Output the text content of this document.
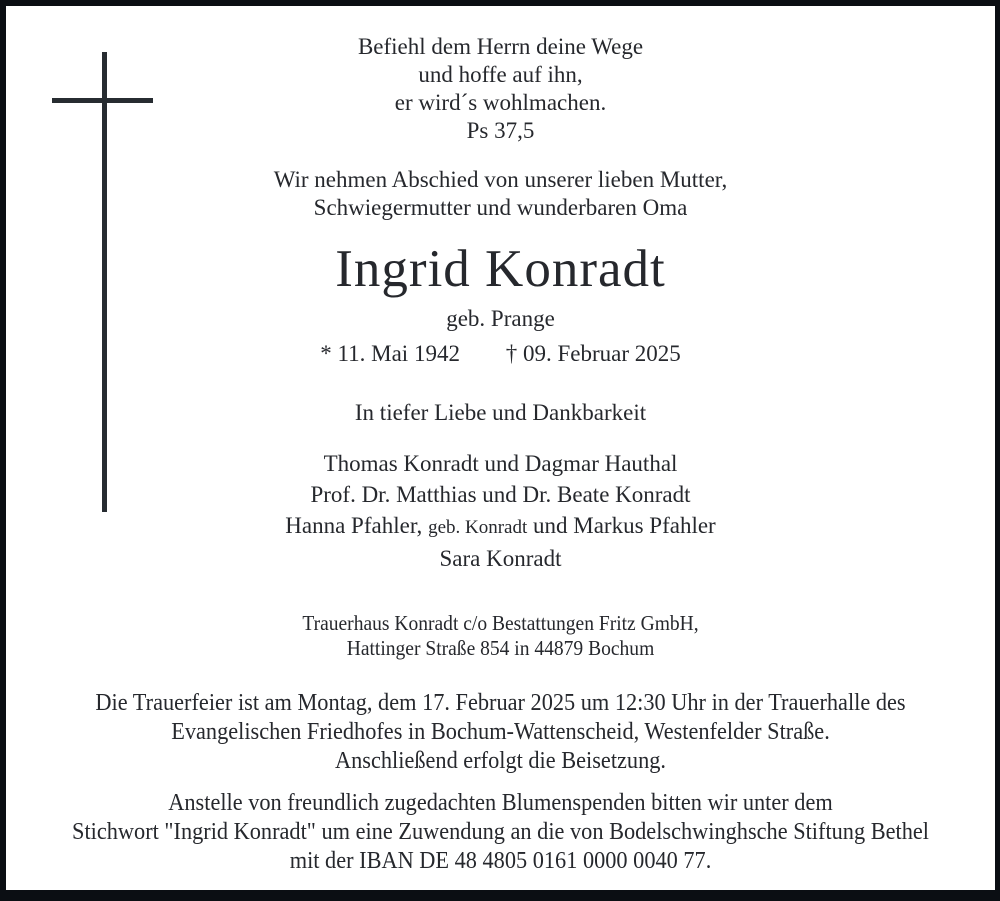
Befiehl dem Herrn deine Wege
und hoffe auf ihn,
er wird´s wohlmachen.
Ps 37,5
Wir nehmen Abschied von unserer lieben Mutter,
Schwiegermutter und wunderbaren Oma
Ingrid Konradt
geb. Prange
* 11. Mai 1942 † 09. Februar 2025
In tiefer Liebe und Dankbarkeit
Thomas Konradt und Dagmar Hauthal
Prof. Dr. Matthias und Dr. Beate Konradt
Hanna Pfahler, geb. Konradt und Markus Pfahler
Sara Konradt
Trauerhaus Konradt c/o Bestattungen Fritz GmbH,
Hattinger Straße 854 in 44879 Bochum
Die Trauerfeier ist am Montag, dem 17. Februar 2025 um 12:30 Uhr in der Trauerhalle des
Evangelischen Friedhofes in Bochum-Wattenscheid, Westenfelder Straße.
Anschließend erfolgt die Beisetzung.
Anstelle von freundlich zugedachten Blumenspenden bitten wir unter dem
Stichwort "Ingrid Konradt" um eine Zuwendung an die von Bodelschwinghsche Stiftung Bethel
mit der IBAN DE 48 4805 0161 0000 0040 77.
